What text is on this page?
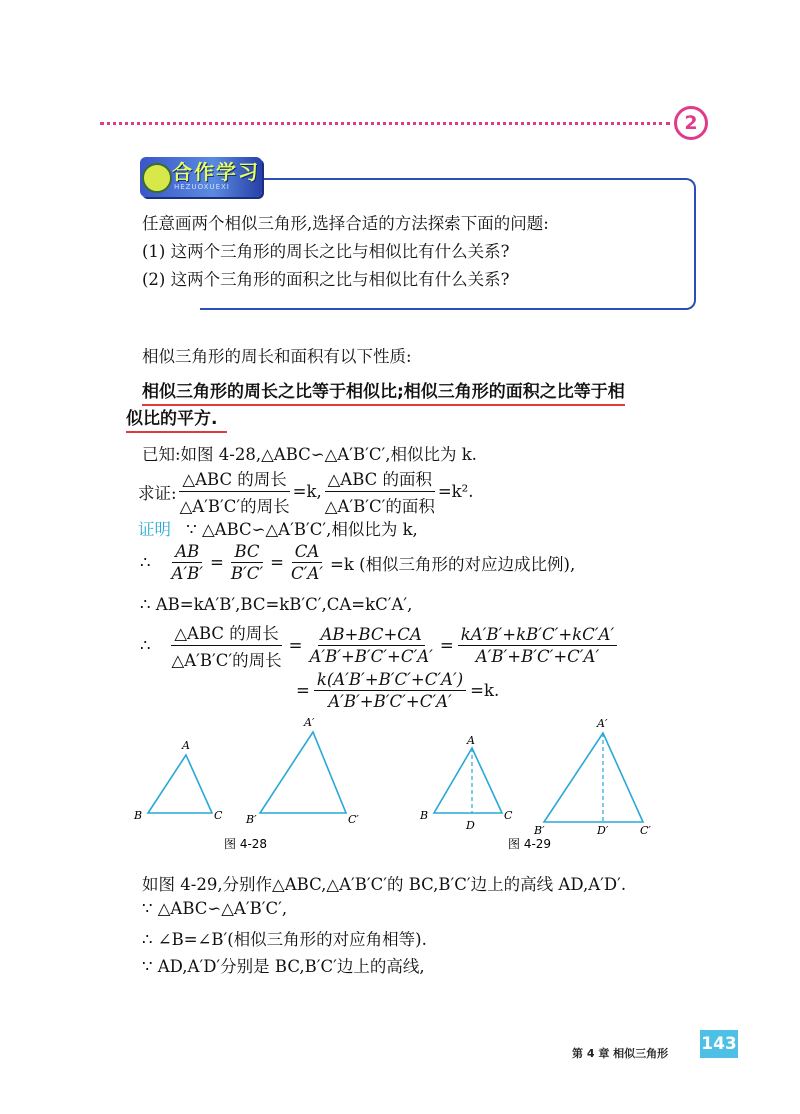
2
合作学习
HEZUOXUEXI
任意画两个相似三角形,选择合适的方法探索下面的问题:
(1) 这两个三角形的周长之比与相似比有什么关系?
(2) 这两个三角形的面积之比与相似比有什么关系?
相似三角形的周长和面积有以下性质:
相似三角形的周长之比等于相似比;相似三角形的面积之比等于相
似比的平方.
已知:如图 4-28,△ABC∽△A′B′C′,相似比为 k.
求证: $\frac{\text{△ABC 的周长}}{\text{△A′B′C′的周长}} =k$, $\frac{\text{△ABC 的面积}}{\text{△A′B′C′的面积}} =k^2$.
证明 ∵ △ABC∽△A′B′C′,相似比为 k,
∴ $\frac{AB}{A'B'} = \frac{BC}{B'C'} = \frac{CA}{C'A'} =k$ (相似三角形的对应边成比例),
∴ AB=kA′B′,BC=kB′C′,CA=kC′A′,
∴ $\frac{\text{△ABC 的周长}}{\text{△A′B′C′的周长}} = \frac{AB+BC+CA}{A'B'+B'C'+C'A'} = \frac{kA'B'+kB'C'+kC'A'}{A'B'+B'C'+C'A'}$
= $\frac{k(A'B'+B'C'+C'A')}{A'B'+B'C'+C'A'} =k$.
A
B	C
A′
B′	C′
图 4-28
A
B	C
D
A′
B′	C′
D′
图 4-29
如图 4-29,分别作△ABC,△A′B′C′的 BC,B′C′边上的高线 AD,A′D′.
∵ △ABC∽△A′B′C′,
∴ ∠B=∠B′(相似三角形的对应角相等).
∵ AD,A′D′分别是 BC,B′C′边上的高线,
第 4 章 相似三角形 143
